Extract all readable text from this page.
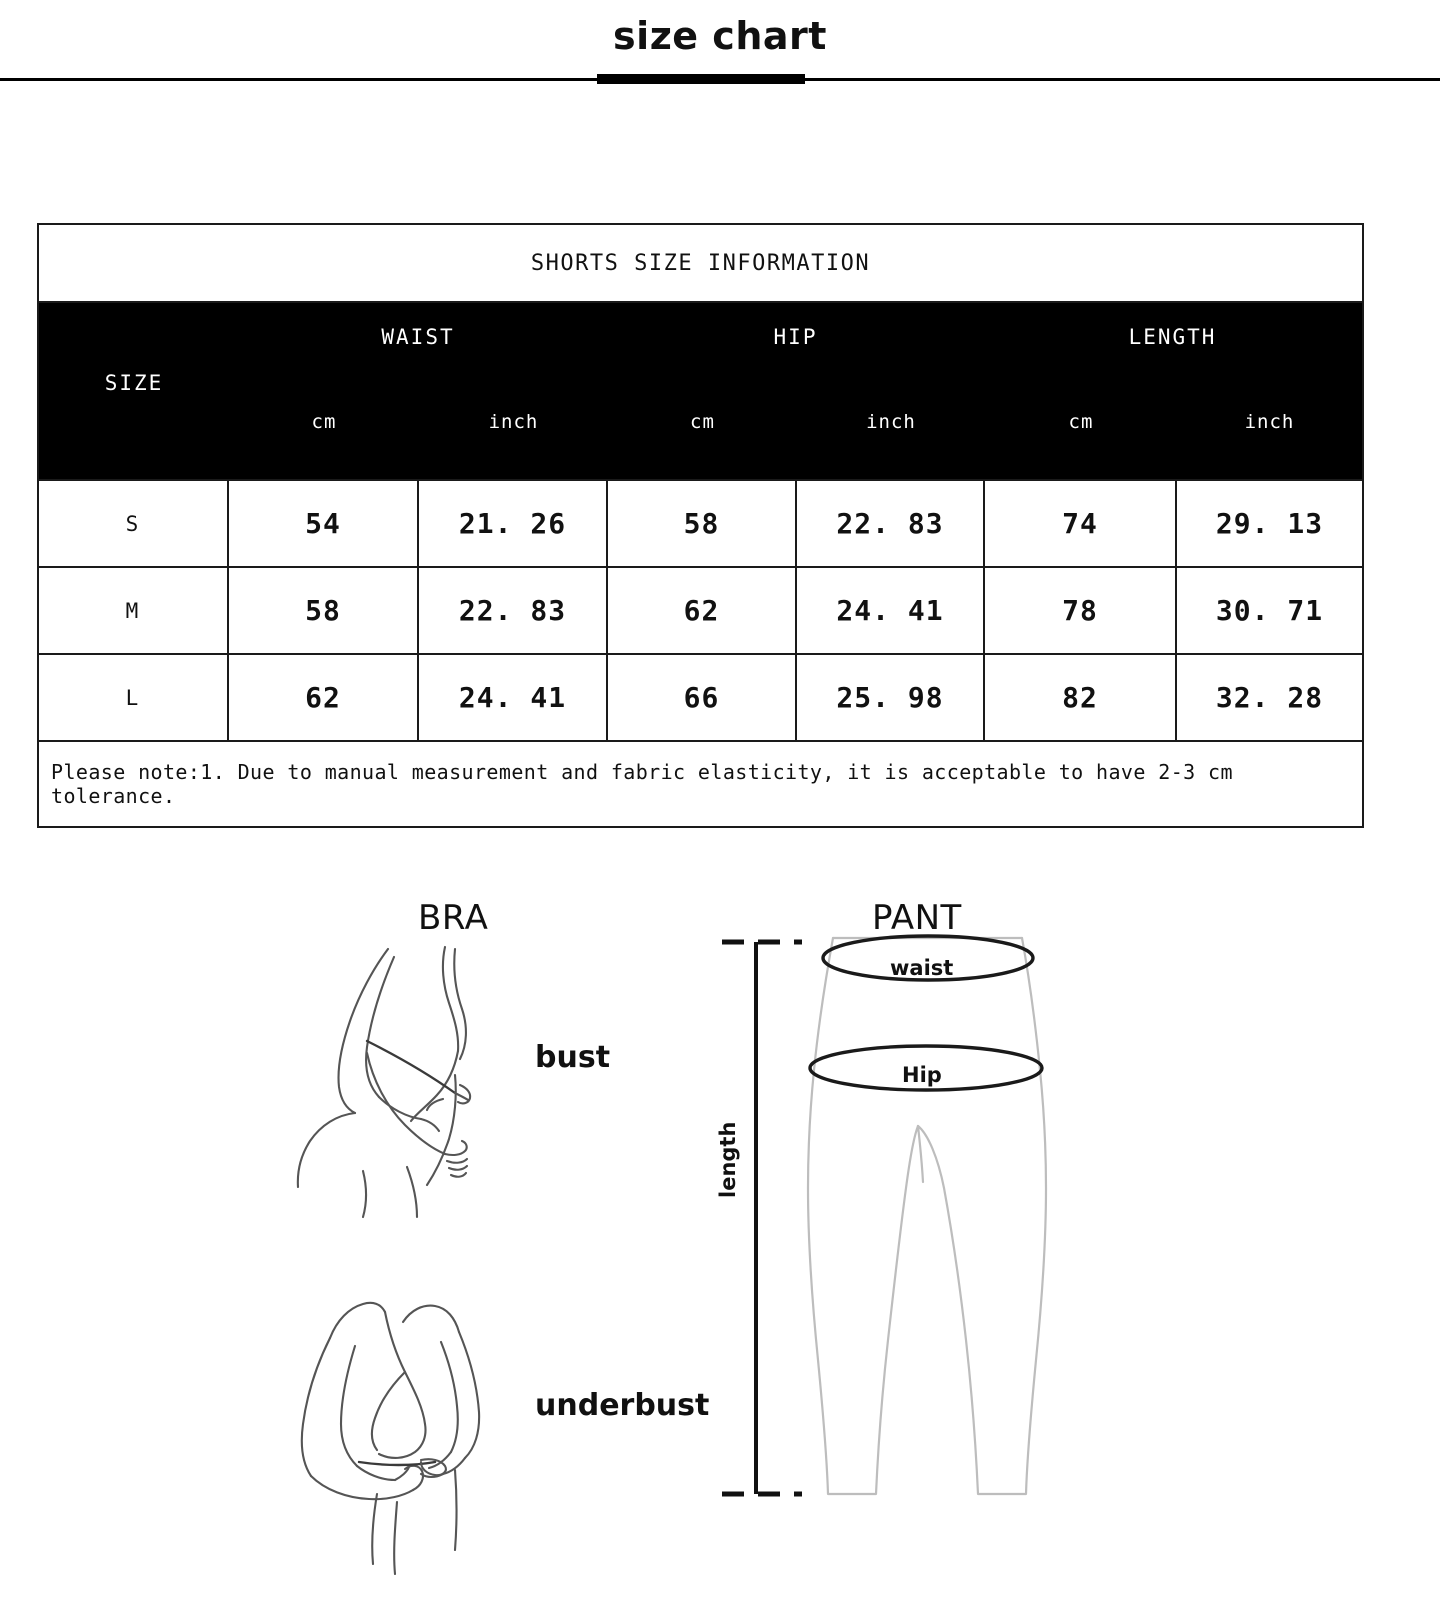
size chart
SHORTS SIZE INFORMATION
SIZE
WAIST	HIP	LENGTH
cm	inch	cm	inch	cm	inch
S	54	21. 26	58	22. 83	74	29. 13
M	58	22. 83	62	24. 41	78	30. 71
L	62	24. 41	66	25. 98	82	32. 28
Please note:1. Due to manual measurement and fabric elasticity, it is acceptable to have 2-3 cm tolerance.
BRA	PANT
bust
underbust
waist
Hip
length
